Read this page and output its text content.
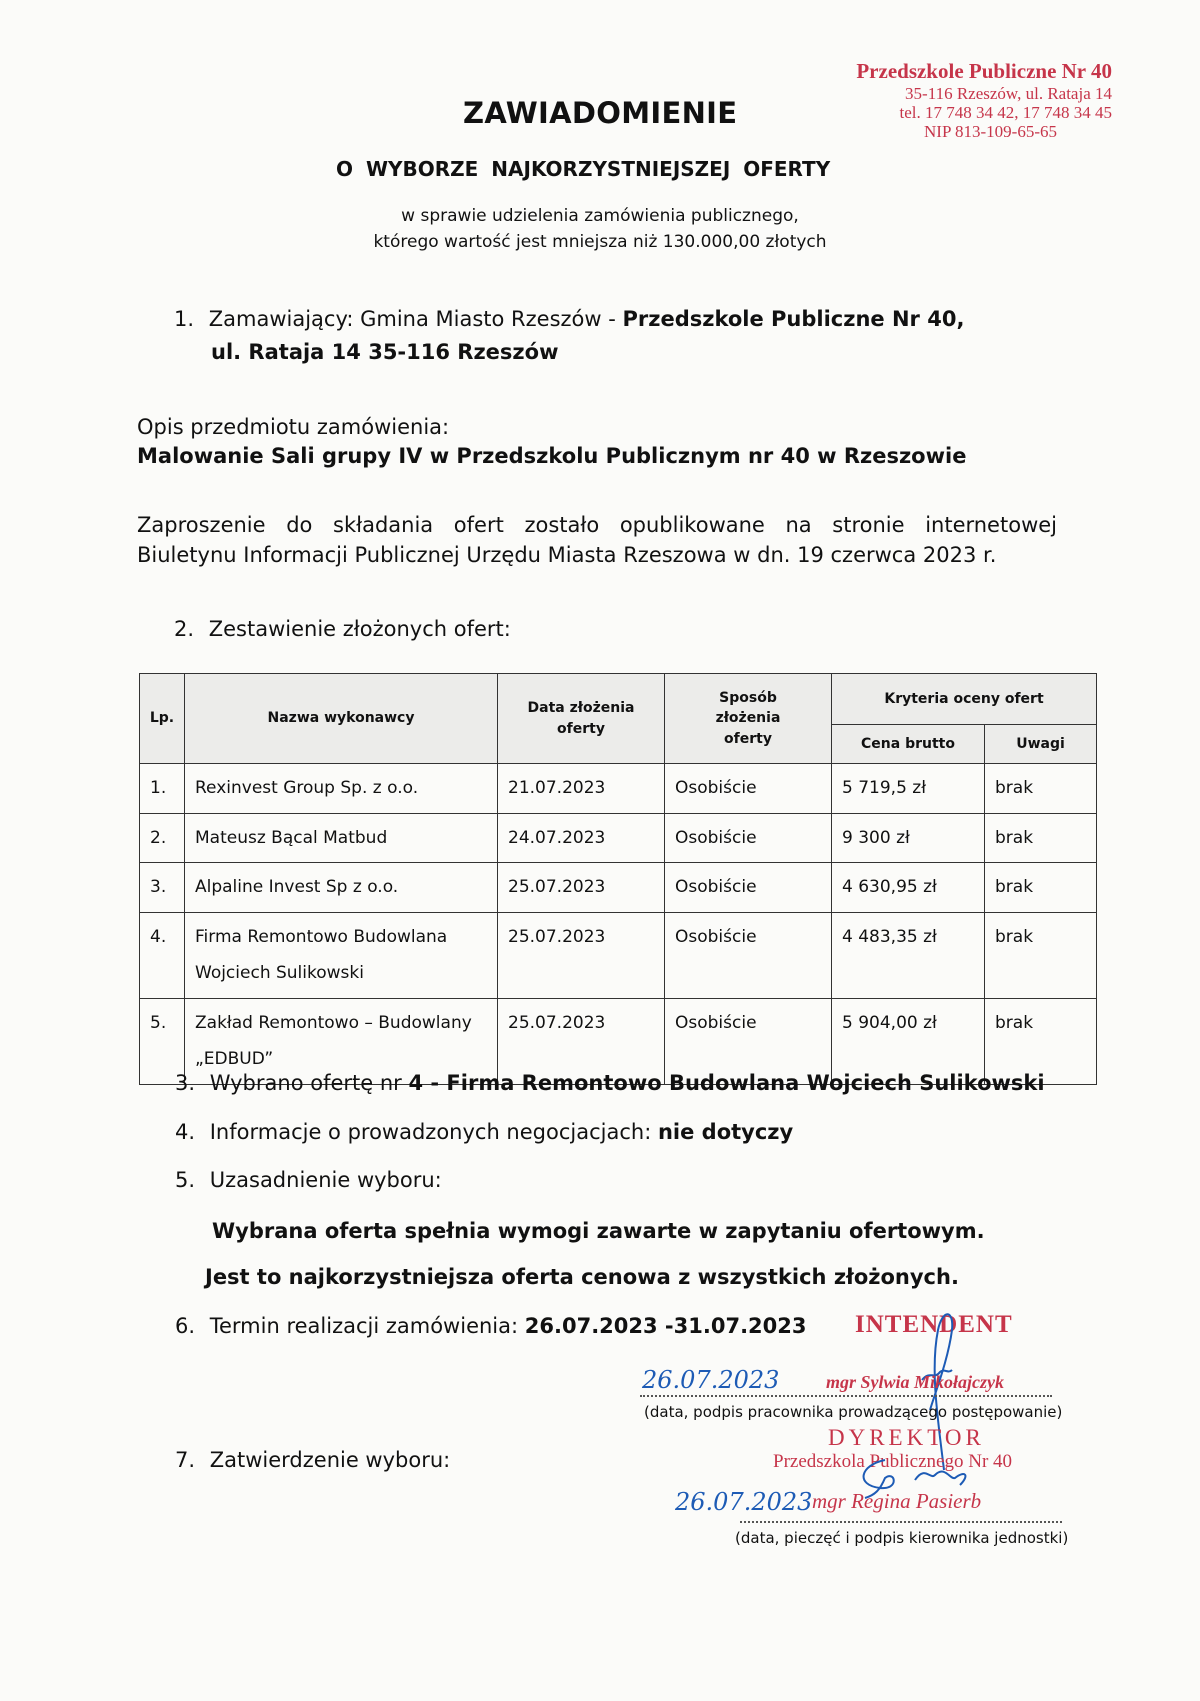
Przedszkole Publiczne Nr 40
35-116 Rzeszów, ul. Rataja 14
tel. 17 748 34 42, 17 748 34 45
NIP 813-109-65-65
ZAWIADOMIENIE
O WYBORZE NAJKORZYSTNIEJSZEJ OFERTY
w sprawie udzielenia zamówienia publicznego,
którego wartość jest mniejsza niż 130.000,00 złotych
1. Zamawiający: Gmina Miasto Rzeszów - Przedszkole Publiczne Nr 40,
ul. Rataja 14 35-116 Rzeszów
Opis przedmiotu zamówienia:
Malowanie Sali grupy IV w Przedszkolu Publicznym nr 40 w Rzeszowie
Zaproszenie do składania ofert zostało opublikowane na stronie internetowej
Biuletynu Informacji Publicznej Urzędu Miasta Rzeszowa w dn. 19 czerwca 2023 r.
2. Zestawienie złożonych ofert:
Lp.	Nazwa wykonawcy	Data złożenia oferty	Sposób złożenia oferty	Kryteria oceny ofert	
				Cena brutto	Uwagi
1.	Rexinvest Group Sp. z o.o.	21.07.2023	Osobiście	5 719,5 zł	brak
2.	Mateusz Bącal Matbud	24.07.2023	Osobiście	9 300 zł	brak
3.	Alpaline Invest Sp z o.o.	25.07.2023	Osobiście	4 630,95 zł	brak
4.	Firma Remontowo Budowlana Wojciech Sulikowski	25.07.2023	Osobiście	4 483,35 zł	brak
5.	Zakład Remontowo – Budowlany „EDBUD”	25.07.2023	Osobiście	5 904,00 zł	brak
3. Wybrano ofertę nr 4 - Firma Remontowo Budowlana Wojciech Sulikowski
4. Informacje o prowadzonych negocjacjach: nie dotyczy
5. Uzasadnienie wyboru:
Wybrana oferta spełnia wymogi zawarte w zapytaniu ofertowym.
Jest to najkorzystniejsza oferta cenowa z wszystkich złożonych.
6. Termin realizacji zamówienia: 26.07.2023 -31.07.2023 INTENDENT
26.07.2023	mgr Sylwia Mikołajczyk
(data, podpis pracownika prowadzącego postępowanie)
7. Zatwierdzenie wyboru:
DYREKTOR
Przedszkola Publicznego Nr 40
26.07.2023 mgr Regina Pasierb
(data, pieczęć i podpis kierownika jednostki)
